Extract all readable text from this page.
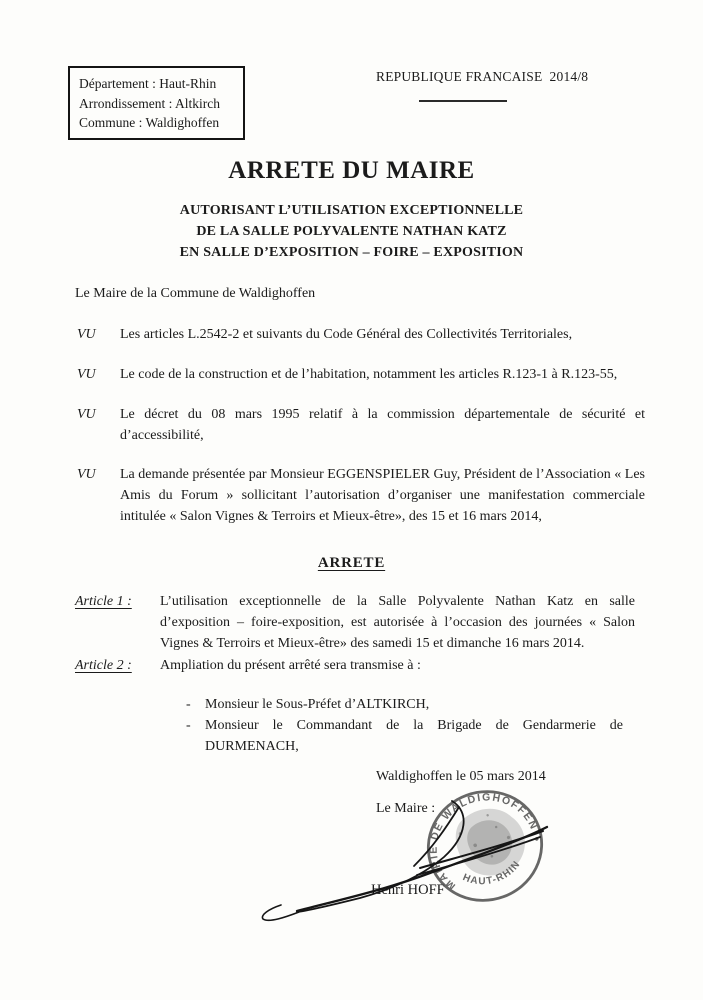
Département : Haut-Rhin
Arrondissement : Altkirch
Commune : Waldighoffen
REPUBLIQUE FRANCAISE  2014/8
ARRETE DU MAIRE
AUTORISANT L’UTILISATION EXCEPTIONNELLE
DE LA SALLE POLYVALENTE NATHAN KATZ
EN SALLE D’EXPOSITION – FOIRE – EXPOSITION
Le Maire de la Commune de Waldighoffen
VU Les articles L.2542-2 et suivants du Code Général des Collectivités Territoriales,
VU Le code de la construction et de l’habitation, notamment les articles R.123-1 à R.123-55,
VU Le décret du 08 mars 1995 relatif à la commission départementale de sécurité et d’accessibilité,
VU La demande présentée par Monsieur EGGENSPIELER Guy, Président de l’Association « Les Amis du Forum » sollicitant l’autorisation d’organiser une manifestation commerciale intitulée « Salon Vignes & Terroirs et Mieux-être», des 15 et 16 mars 2014,
ARRETE
Article 1 : L’utilisation exceptionnelle de la Salle Polyvalente Nathan Katz en salle d’exposition – foire-exposition, est autorisée à l’occasion des journées « Salon Vignes & Terroirs et Mieux-être» des samedi 15 et dimanche 16 mars 2014.
Article 2 : Ampliation du présent arrêté sera transmise à :
- Monsieur le Sous-Préfet d’ALTKIRCH,
- Monsieur le Commandant de la Brigade de Gendarmerie de DURMENACH,
Waldighoffen le 05 mars 2014
Le Maire :
Henri HOFF
MAIRIE DE WALDIGHOFFEN
HAUT-RHIN
